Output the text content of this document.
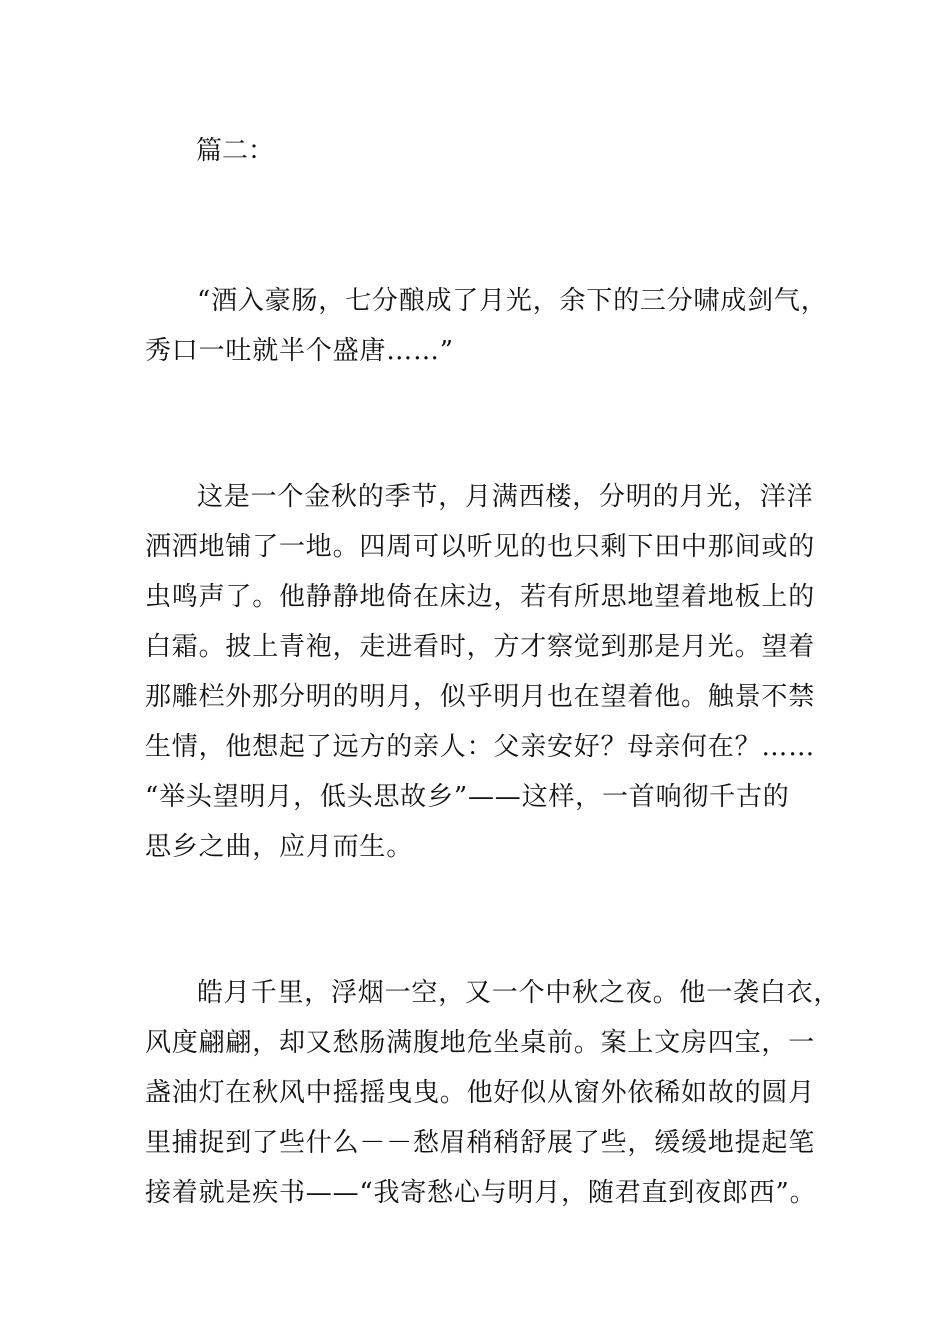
篇二：
“酒入豪肠，七分酿成了月光，余下的三分啸成剑气，
秀口一吐就半个盛唐……”
这是一个金秋的季节，月满西楼，分明的月光，洋洋
洒洒地铺了一地。四周可以听见的也只剩下田中那间或的
虫鸣声了。他静静地倚在床边，若有所思地望着地板上的
白霜。披上青袍，走进看时，方才察觉到那是月光。望着
那雕栏外那分明的明月，似乎明月也在望着他。触景不禁
生情，他想起了远方的亲人：父亲安好？母亲何在？……
“举头望明月，低头思故乡”——这样，一首响彻千古的
思乡之曲，应月而生。
皓月千里，浮烟一空，又一个中秋之夜。他一袭白衣，
风度翩翩，却又愁肠满腹地危坐桌前。案上文房四宝，一
盏油灯在秋风中摇摇曳曳。他好似从窗外依稀如故的圆月
里捕捉到了些什么－－愁眉稍稍舒展了些，缓缓地提起笔
接着就是疾书——“我寄愁心与明月，随君直到夜郎西”。
